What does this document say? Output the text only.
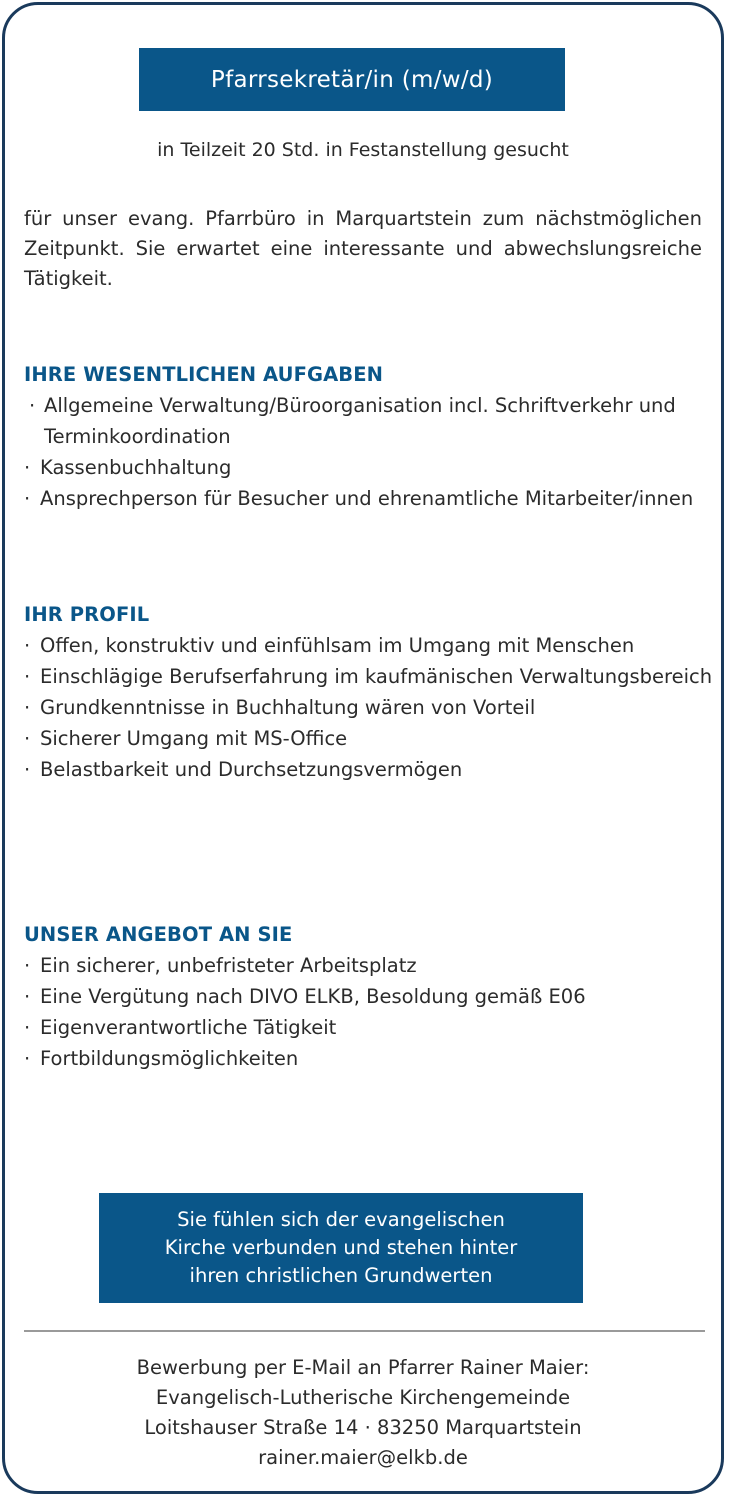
Pfarrsekretär/in (m/w/d)
in Teilzeit 20 Std. in Festanstellung gesucht
für unser evang. Pfarrbüro in Marquartstein zum nächstmöglichen Zeitpunkt. Sie erwartet eine interessante und abwechslungsreiche Tätigkeit.
IHRE WESENTLICHEN AUFGABEN
· Allgemeine Verwaltung/Büroorganisation incl. Schriftverkehr und Terminkoordination
· Kassenbuchhaltung
· Ansprechperson für Besucher und ehrenamtliche Mitarbeiter/innen
IHR PROFIL
· Offen, konstruktiv und einfühlsam im Umgang mit Menschen
· Einschlägige Berufserfahrung im kaufmänischen Verwaltungsbereich
· Grundkenntnisse in Buchhaltung wären von Vorteil
· Sicherer Umgang mit MS-Office
· Belastbarkeit und Durchsetzungsvermögen
UNSER ANGEBOT AN SIE
· Ein sicherer, unbefristeter Arbeitsplatz
· Eine Vergütung nach DIVO ELKB, Besoldung gemäß E06
· Eigenverantwortliche Tätigkeit
· Fortbildungsmöglichkeiten
Sie fühlen sich der evangelischen
Kirche verbunden und stehen hinter
ihren christlichen Grundwerten
Bewerbung per E-Mail an Pfarrer Rainer Maier:
Evangelisch-Lutherische Kirchengemeinde
Loitshauser Straße 14 · 83250 Marquartstein
rainer.maier@elkb.de
